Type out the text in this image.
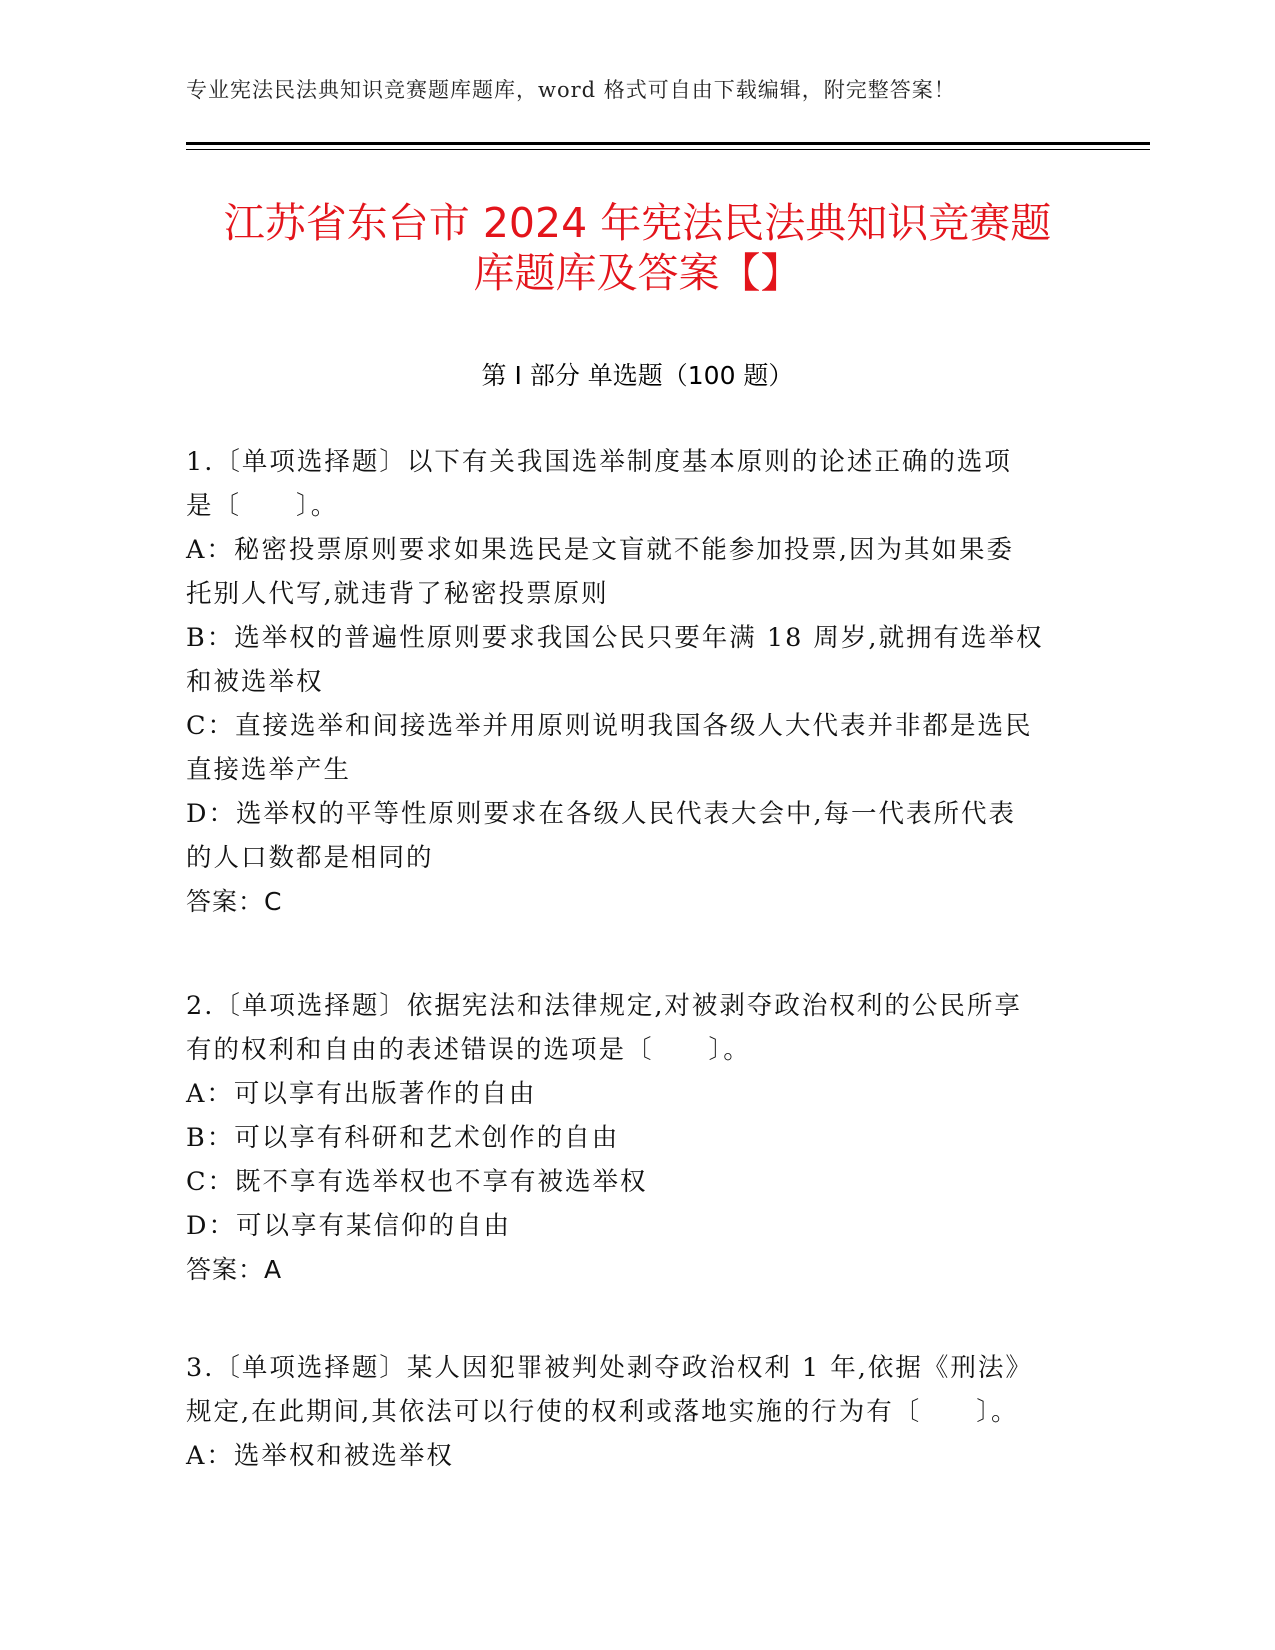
专业宪法民法典知识竞赛题库题库，word 格式可自由下载编辑，附完整答案！
江苏省东台市 2024 年宪法民法典知识竞赛题
库题库及答案【】
第 I 部分 单选题（100 题）
1.〔单项选择题〕以下有关我国选举制度基本原则的论述正确的选项
是〔　　〕。
A：秘密投票原则要求如果选民是文盲就不能参加投票,因为其如果委
托别人代写,就违背了秘密投票原则
B：选举权的普遍性原则要求我国公民只要年满 18 周岁,就拥有选举权
和被选举权
C：直接选举和间接选举并用原则说明我国各级人大代表并非都是选民
直接选举产生
D：选举权的平等性原则要求在各级人民代表大会中,每一代表所代表
的人口数都是相同的
答案：C
2.〔单项选择题〕依据宪法和法律规定,对被剥夺政治权利的公民所享
有的权利和自由的表述错误的选项是〔　　〕。
A：可以享有出版著作的自由
B：可以享有科研和艺术创作的自由
C：既不享有选举权也不享有被选举权
D：可以享有某信仰的自由
答案：A
3.〔单项选择题〕某人因犯罪被判处剥夺政治权利 1 年,依据《刑法》
规定,在此期间,其依法可以行使的权利或落地实施的行为有〔　　〕。
A：选举权和被选举权
